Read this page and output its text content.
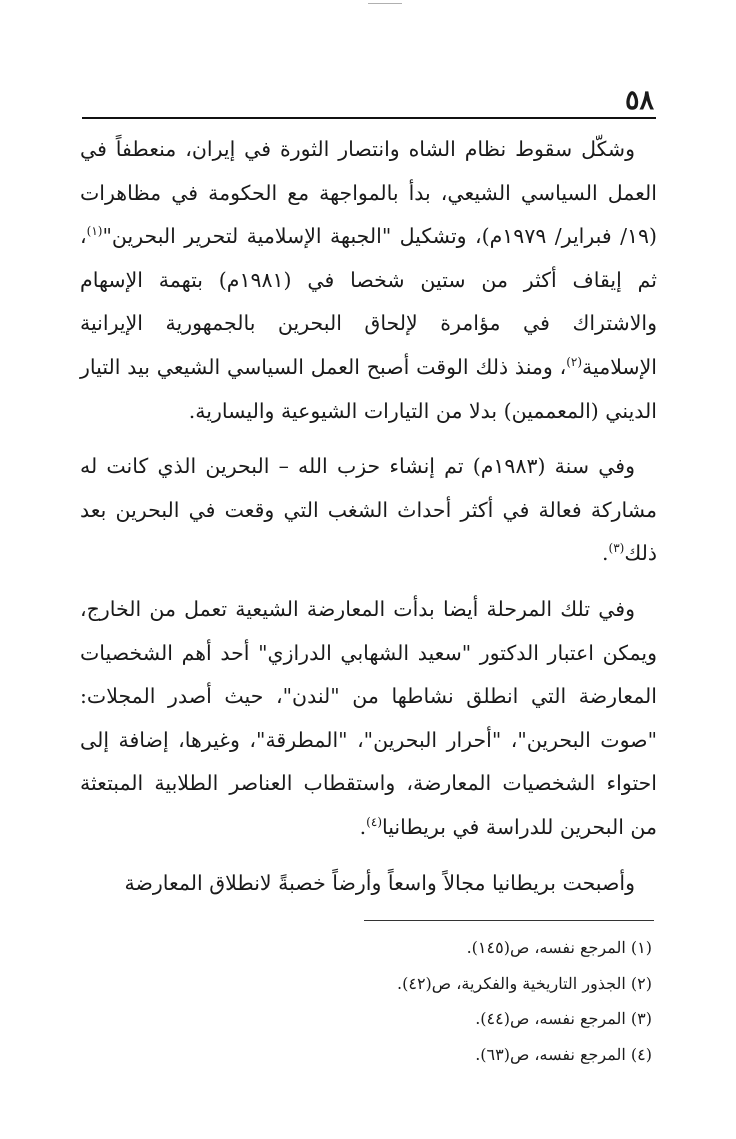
٥٨

وشكّل سقوط نظام الشاه وانتصار الثورة في إيران، منعطفاً في العمل السياسي الشيعي، بدأ بالمواجهة مع الحكومة في مظاهرات (١٩/ فبراير/ ١٩٧٩م)، وتشكيل "الجبهة الإسلامية لتحرير البحرين"$^{(١)}$، ثم إيقاف أكثر من ستين شخصا في (١٩٨١م) بتهمة الإسهام والاشتراك في مؤامرة لإلحاق البحرين بالجمهورية الإيرانية الإسلامية$^{(٢)}$، ومنذ ذلك الوقت أصبح العمل السياسي الشيعي بيد التيار الديني (المعممين) بدلا من التيارات الشيوعية واليسارية.

وفي سنة (١٩٨٣م) تم إنشاء حزب الله – البحرين الذي كانت له مشاركة فعالة في أكثر أحداث الشغب التي وقعت في البحرين بعد ذلك$^{(٣)}$.

وفي تلك المرحلة أيضا بدأت المعارضة الشيعية تعمل من الخارج، ويمكن اعتبار الدكتور "سعيد الشهابي الدرازي" أحد أهم الشخصيات المعارضة التي انطلق نشاطها من "لندن"، حيث أصدر المجلات: "صوت البحرين"، "أحرار البحرين"، "المطرقة"، وغيرها، إضافة إلى احتواء الشخصيات المعارضة، واستقطاب العناصر الطلابية المبتعثة من البحرين للدراسة في بريطانيا$^{(٤)}$.

وأصبحت بريطانيا مجالاً واسعاً وأرضاً خصبةً لانطلاق المعارضة

(١) المرجع نفسه، ص(١٤٥).

(٢) الجذور التاريخية والفكرية، ص(٤٢).

(٣) المرجع نفسه، ص(٤٤).

(٤) المرجع نفسه، ص(٦٣).
